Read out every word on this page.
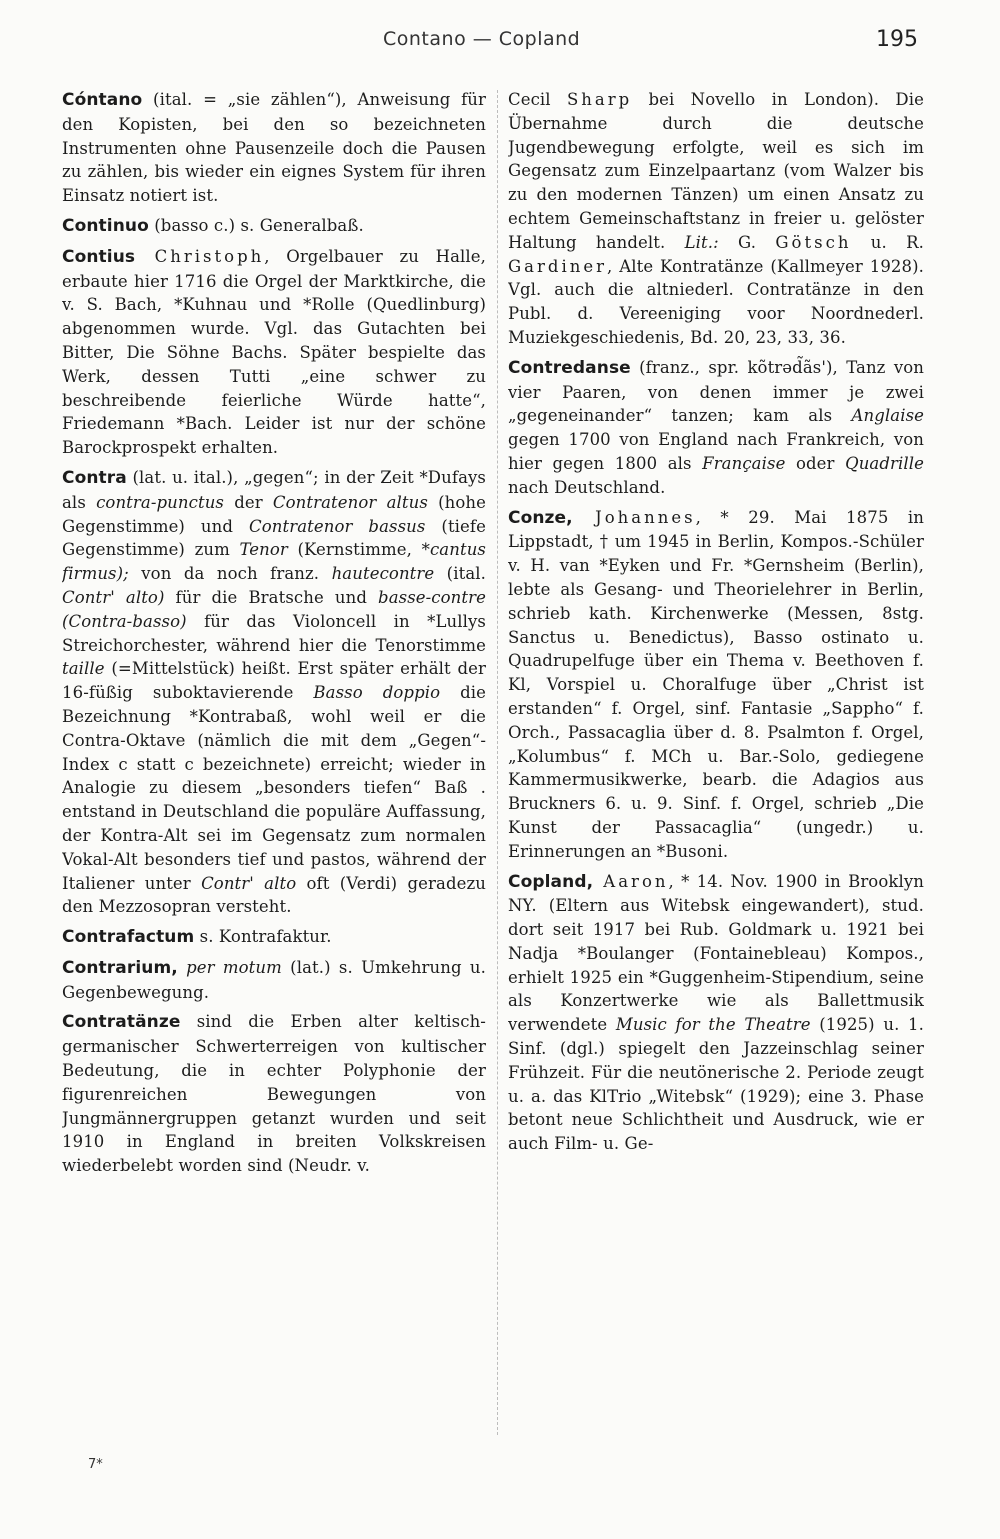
Contano — Copland	195

Cóntano (ital. = „sie zählen“), Anweisung für den Kopisten, bei den so bezeichneten Instrumenten ohne Pausenzeile doch die Pausen zu zählen, bis wieder ein eignes System für ihren Einsatz notiert ist.

Continuo (basso c.) s. Generalbaß.

Contius Christoph, Orgelbauer zu Halle, erbaute hier 1716 die Orgel der Marktkirche, die v. S. Bach, *Kuhnau und *Rolle (Quedlinburg) abgenommen wurde. Vgl. das Gutachten bei Bitter, Die Söhne Bachs. Später bespielte das Werk, dessen Tutti „eine schwer zu beschreibende feierliche Würde hatte“, Friedemann *Bach. Leider ist nur der schöne Barockprospekt erhalten.

Contra (lat. u. ital.), „gegen“; in der Zeit *Dufays als contra-punctus der Contratenor altus (hohe Gegenstimme) und Contratenor bassus (tiefe Gegenstimme) zum Tenor (Kernstimme, *cantus firmus); von da noch franz. hautecontre (ital. Contr' alto) für die Bratsche und basse-contre (Contra-basso) für das Violoncell in *Lullys Streichorchester, während hier die Tenorstimme taille (=Mittelstück) heißt. Erst später erhält der 16-füßig suboktavierende Basso doppio die Bezeichnung *Kontrabaß, wohl weil er die Contra-Oktave (nämlich die mit dem „Gegen“-Index c statt c bezeichnete) erreicht; wieder in Analogie zu diesem „besonders tiefen“ Baß . entstand in Deutschland die populäre Auffassung, der Kontra-Alt sei im Gegensatz zum normalen Vokal-Alt besonders tief und pastos, während der Italiener unter Contr' alto oft (Verdi) geradezu den Mezzosopran versteht.

Contrafactum s. Kontrafaktur.

Contrarium, per motum (lat.) s. Umkehrung u. Gegenbewegung.

Contratänze sind die Erben alter keltisch-germanischer Schwerterreigen von kultischer Bedeutung, die in echter Polyphonie der figurenreichen Bewegungen von Jungmännergruppen getanzt wurden und seit 1910 in England in breiten Volkskreisen wiederbelebt worden sind (Neudr. v.

Cecil Sharp bei Novello in London). Die Übernahme durch die deutsche Jugendbewegung erfolgte, weil es sich im Gegensatz zum Einzelpaartanz (vom Walzer bis zu den modernen Tänzen) um einen Ansatz zu echtem Gemeinschaftstanz in freier u. gelöster Haltung handelt. Lit.: G. Götsch u. R. Gardiner, Alte Kontratänze (Kallmeyer 1928). Vgl. auch die altniederl. Contratänze in den Publ. d. Vereeniging voor Noordnederl. Muziekgeschiedenis, Bd. 20, 23, 33, 36.

Contredanse (franz., spr. kõtrəd̃ãs'), Tanz von vier Paaren, von denen immer je zwei „gegeneinander“ tanzen; kam als Anglaise gegen 1700 von England nach Frankreich, von hier gegen 1800 als Française oder Quadrille nach Deutschland.

Conze, Johannes, * 29. Mai 1875 in Lippstadt, † um 1945 in Berlin, Kompos.-Schüler v. H. van *Eyken und Fr. *Gernsheim (Berlin), lebte als Gesang- und Theorielehrer in Berlin, schrieb kath. Kirchenwerke (Messen, 8stg. Sanctus u. Benedictus), Basso ostinato u. Quadrupelfuge über ein Thema v. Beethoven f. Kl, Vorspiel u. Choralfuge über „Christ ist erstanden“ f. Orgel, sinf. Fantasie „Sappho“ f. Orch., Passacaglia über d. 8. Psalmton f. Orgel, „Kolumbus“ f. MCh u. Bar.-Solo, gediegene Kammermusikwerke, bearb. die Adagios aus Bruckners 6. u. 9. Sinf. f. Orgel, schrieb „Die Kunst der Passacaglia“ (ungedr.) u. Erinnerungen an *Busoni.

Copland, Aaron, * 14. Nov. 1900 in Brooklyn NY. (Eltern aus Witebsk eingewandert), stud. dort seit 1917 bei Rub. Goldmark u. 1921 bei Nadja *Boulanger (Fontainebleau) Kompos., erhielt 1925 ein *Guggenheim-Stipendium, seine als Konzertwerke wie als Ballettmusik verwendete Music for the Theatre (1925) u. 1. Sinf. (dgl.) spiegelt den Jazzeinschlag seiner Frühzeit. Für die neutönerische 2. Periode zeugt u. a. das KlTrio „Witebsk“ (1929); eine 3. Phase betont neue Schlichtheit und Ausdruck, wie er auch Film- u. Ge-

7*
